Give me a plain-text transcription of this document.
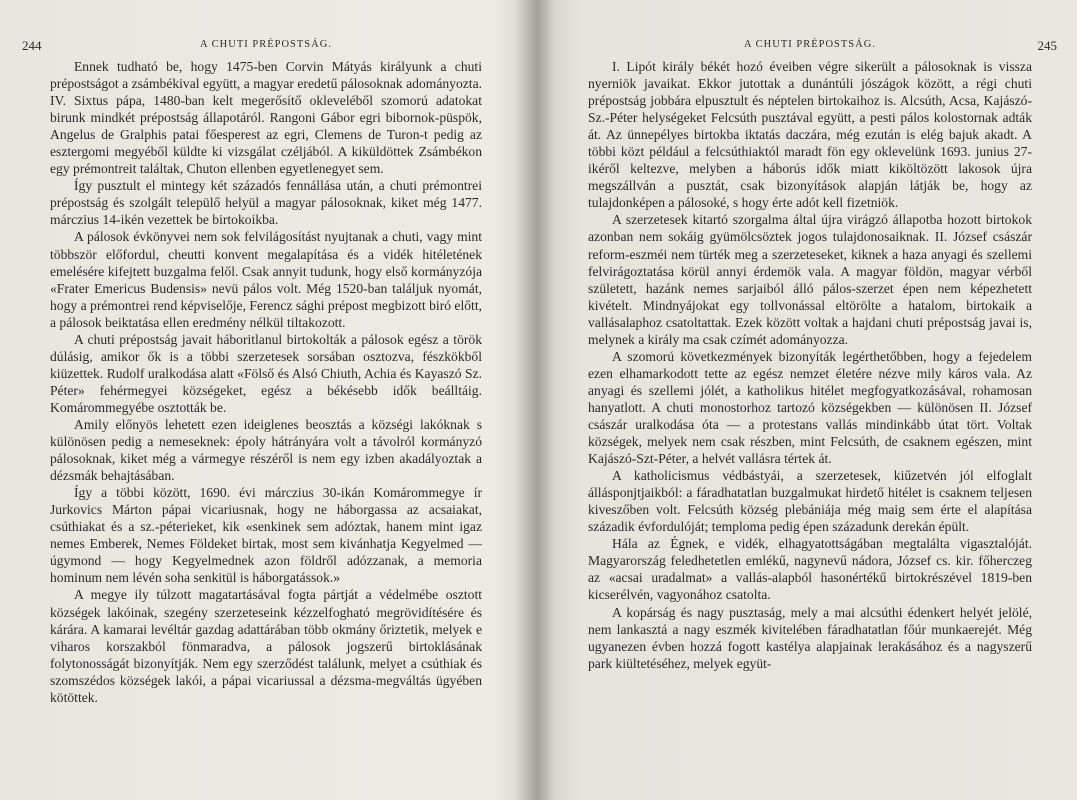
244	A CHUTI PRÉPOSTSÁG.

Ennek tudható be, hogy 1475-ben Corvin Mátyás királyunk a chuti prépostságot a zsámbékival együtt, a magyar eredetű pálosoknak adományozta. IV. Sixtus pápa, 1480-ban kelt megerősítő okleveléből szomorú adatokat birunk mindkét prépostság állapotáról. Rangoni Gábor egri bibornok-püspök, Angelus de Gralphis patai főesperest az egri, Clemens de Turon-t pedig az esztergomi megyéből küldte ki vizsgálat czéljából. A kiküldöttek Zsámbékon egy prémontreit találtak, Chuton ellenben egyetlenegyet sem.

Így pusztult el mintegy két századós fennállása után, a chuti prémontrei prépostság és szolgált települő helyül a magyar pálosoknak, kiket még 1477. márczius 14-ikén vezettek be birtokoikba.

A pálosok évkönyvei nem sok felvilágosítást nyujtanak a chuti, vagy mint többször előfordul, cheutti konvent megalapítása és a vidék hitéletének emelésére kifejtett buzgalma felől. Csak annyit tudunk, hogy első kormányzója «Frater Emericus Budensis» nevü pálos volt. Még 1520-ban találjuk nyomát, hogy a prémontrei rend képviselője, Ferencz sághi prépost megbizott biró előtt, a pálosok beiktatása ellen eredmény nélkül tiltakozott.

A chuti prépostság javait háboritlanul birtokolták a pálosok egész a török dúlásig, amikor ők is a többi szerzetesek sorsában osztozva, fészkökből kiüzettek. Rudolf uralkodása alatt «Fölső és Alsó Chiuth, Achia és Kayaszó Sz. Péter» fehérmegyei községeket, egész a békésebb idők beálltáig. Komárommegyébe osztották be.

Amily előnyös lehetett ezen ideiglenes beosztás a községi lakóknak s különösen pedig a nemeseknek: époly hátrányára volt a távolról kormányzó pálosoknak, kiket még a vármegye részéről is nem egy izben akadályoztak a dézsmák behajtásában.

Így a többi között, 1690. évi márczius 30-ikán Komárommegye ír Jurkovics Márton pápai vicariusnak, hogy ne háborgassa az acsaiakat, csúthiakat és a sz.-péterieket, kik «senkinek sem adóztak, hanem mint igaz nemes Emberek, Nemes Földeket birtak, most sem kivánhatja Kegyelmed — úgymond — hogy Kegyelmednek azon földről adózzanak, a memoria hominum nem lévén soha senkitül is háborgatássok.»

A megye ily túlzott magatartásával fogta pártját a védelmébe osztott községek lakóinak, szegény szerzeteseink kézzelfogható megrövidítésére és kárára. A kamarai levéltár gazdag adattárában több okmány őriztetik, melyek e viharos korszakból fönmaradva, a pálosok jogszerű birtoklásának folytonosságát bizonyítják. Nem egy szerződést találunk, melyet a csúthiak és szomszédos községek lakói, a pápai vicariussal a dézsma-megváltás ügyében kötöttek.

A CHUTI PRÉPOSTSÁG.	245

I. Lipót király békét hozó éveiben végre sikerült a pálosoknak is vissza nyerniök javaikat. Ekkor jutottak a dunántúli jószágok között, a régi chuti prépostság jobbára elpusztult és néptelen birtokaihoz is. Alcsúth, Acsa, Kajászó-Sz.-Péter helységeket Felcsúth pusztával együtt, a pesti pálos kolostornak adták át. Az ünnepélyes birtokba iktatás daczára, még ezután is elég bajuk akadt. A többi közt például a felcsúthiaktól maradt fön egy oklevelünk 1693. junius 27-ikéről keltezve, melyben a háborús idők miatt kiköltözött lakosok újra megszállván a pusztát, csak bizonyítások alapján látják be, hogy az tulajdonképen a pálosoké, s hogy érte adót kell fizetniök.

A szerzetesek kitartó szorgalma által újra virágzó állapotba hozott birtokok azonban nem sokáig gyümölcsöztek jogos tulajdonosaiknak. II. József császár reform-eszméi nem türték meg a szerzeteseket, kiknek a haza anyagi és szellemi felvirágoztatása körül annyi érdemök vala. A magyar földön, magyar vérből született, hazánk nemes sarjaiból álló pálos-szerzet épen nem képezhetett kivételt. Mindnyájokat egy tollvonással eltörölte a hatalom, birtokaik a vallásalaphoz csatoltattak. Ezek között voltak a hajdani chuti prépostság javai is, melynek a király ma csak czímét adományozza.

A szomorú következmények bizonyíták legérthetőbben, hogy a fejedelem ezen elhamarkodott tette az egész nemzet életére nézve mily káros vala. Az anyagi és szellemi jólét, a katholikus hitélet megfogyatkozásával, rohamosan hanyatlott. A chuti monostorhoz tartozó községekben — különösen II. József császár uralkodása óta — a protestans vallás mindinkább útat tört. Voltak községek, melyek nem csak részben, mint Felcsúth, de csaknem egészen, mint Kajászó-Szt-Péter, a helvét vallásra tértek át.

A katholicismus védbástyái, a szerzetesek, kiűzetvén jól elfoglalt állásponjtjaikból: a fáradhatatlan buzgalmukat hirdető hitélet is csaknem teljesen kiveszőben volt. Felcsúth község plebániája még maig sem érte el alapítása századik évfordulóját; temploma pedig épen századunk derekán épült.

Hála az Égnek, e vidék, elhagyatottságában megtalálta vigasztalóját. Magyarország feledhetetlen emlékű, nagynevű nádora, József cs. kir. főherczeg az «acsai uradalmat» a vallás-alapból hasonértékű birtokrészével 1819-ben kicserélvén, vagyonához csatolta.

A kopárság és nagy pusztaság, mely a mai alcsúthi édenkert helyét jelölé, nem lankasztá a nagy eszmék kivitelében fáradhatatlan főúr munkaerejét. Még ugyanezen évben hozzá fogott kastélya alapjainak lerakásához és a nagyszerű park kiültetéséhez, melyek együt-
